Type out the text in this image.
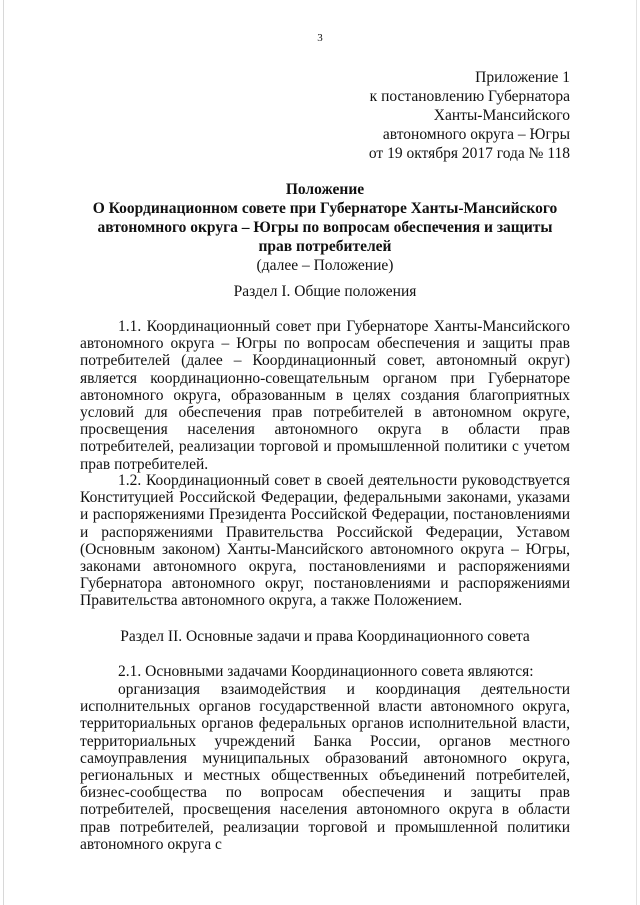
3
Приложение 1
к постановлению Губернатора
Ханты-Мансийского
автономного округа – Югры
от 19 октября 2017 года № 118
Положение
О Координационном совете при Губернаторе Ханты-Мансийского автономного округа – Югры по вопросам обеспечения и защиты прав потребителей
(далее – Положение)
Раздел I. Общие положения

1.1. Координационный совет при Губернаторе Ханты-Мансийского автономного округа – Югры по вопросам обеспечения и защиты прав потребителей (далее – Координационный совет, автономный округ) является координационно-совещательным органом при Губернаторе автономного округа, образованным в целях создания благоприятных условий для обеспечения прав потребителей в автономном округе, просвещения населения автономного округа в области прав потребителей, реализации торговой и промышленной политики с учетом прав потребителей.

1.2. Координационный совет в своей деятельности руководствуется Конституцией Российской Федерации, федеральными законами, указами и распоряжениями Президента Российской Федерации, постановлениями и распоряжениями Правительства Российской Федерации, Уставом (Основным законом) Ханты-Мансийского автономного округа – Югры, законами автономного округа, постановлениями и распоряжениями Губернатора автономного округ, постановлениями и распоряжениями Правительства автономного округа, а также Положением.

Раздел II. Основные задачи и права Координационного совета

2.1. Основными задачами Координационного совета являются:

организация взаимодействия и координация деятельности исполнительных органов государственной власти автономного округа, территориальных органов федеральных органов исполнительной власти, территориальных учреждений Банка России, органов местного самоуправления муниципальных образований автономного округа, региональных и местных общественных объединений потребителей, бизнес-сообщества по вопросам обеспечения и защиты прав потребителей, просвещения населения автономного округа в области прав потребителей, реализации торговой и промышленной политики автономного округа с
